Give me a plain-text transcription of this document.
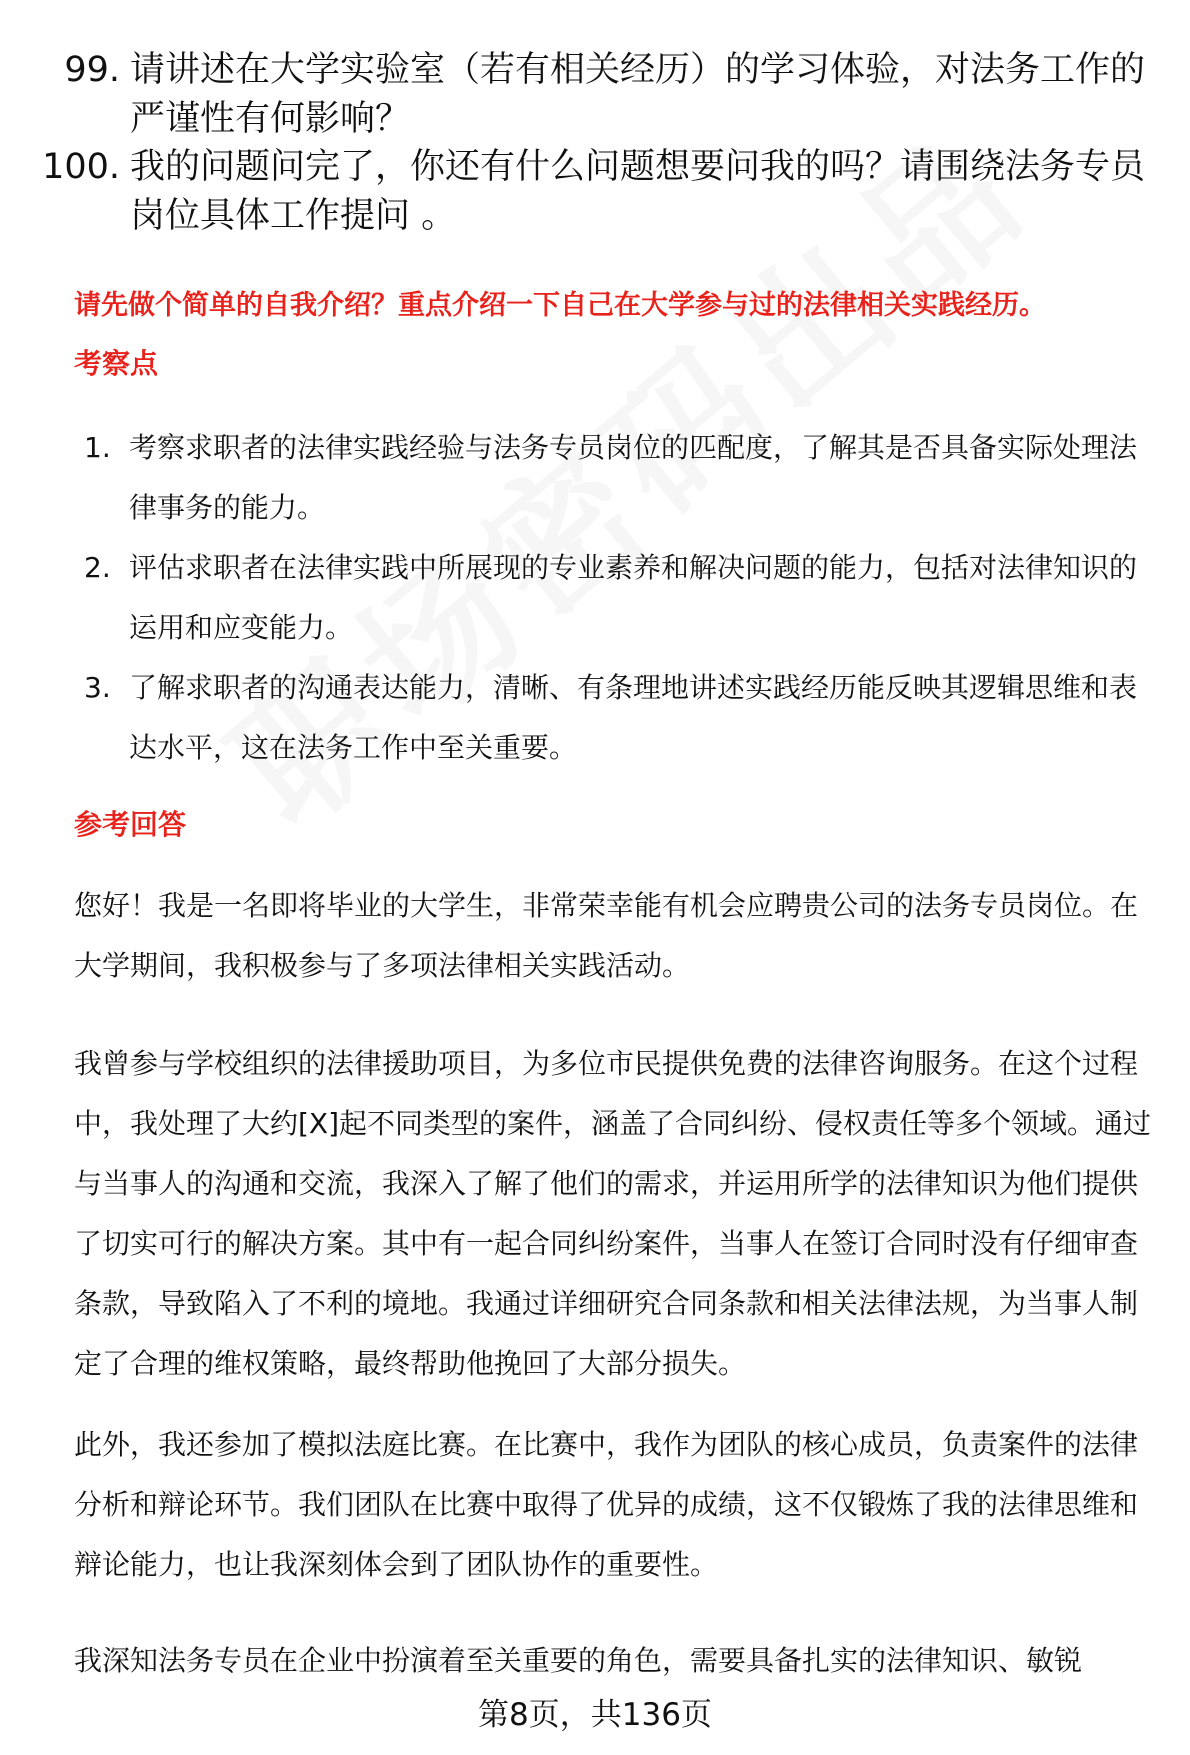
99. 请讲述在大学实验室（若有相关经历）的学习体验，对法务工作的严谨性有何影响？
100. 我的问题问完了，你还有什么问题想要问我的吗？请围绕法务专员岗位具体工作提问 。
请先做个简单的自我介绍？重点介绍一下自己在大学参与过的法律相关实践经历。
考察点
1. 考察求职者的法律实践经验与法务专员岗位的匹配度，了解其是否具备实际处理法律事务的能力。
2. 评估求职者在法律实践中所展现的专业素养和解决问题的能力，包括对法律知识的运用和应变能力。
3. 了解求职者的沟通表达能力，清晰、有条理地讲述实践经历能反映其逻辑思维和表达水平，这在法务工作中至关重要。
参考回答
您好！我是一名即将毕业的大学生，非常荣幸能有机会应聘贵公司的法务专员岗位。在大学期间，我积极参与了多项法律相关实践活动。
我曾参与学校组织的法律援助项目，为多位市民提供免费的法律咨询服务。在这个过程中，我处理了大约[X]起不同类型的案件，涵盖了合同纠纷、侵权责任等多个领域。通过与当事人的沟通和交流，我深入了解了他们的需求，并运用所学的法律知识为他们提供了切实可行的解决方案。其中有一起合同纠纷案件，当事人在签订合同时没有仔细审查条款，导致陷入了不利的境地。我通过详细研究合同条款和相关法律法规，为当事人制定了合理的维权策略，最终帮助他挽回了大部分损失。
此外，我还参加了模拟法庭比赛。在比赛中，我作为团队的核心成员，负责案件的法律分析和辩论环节。我们团队在比赛中取得了优异的成绩，这不仅锻炼了我的法律思维和辩论能力，也让我深刻体会到了团队协作的重要性。
我深知法务专员在企业中扮演着至关重要的角色，需要具备扎实的法律知识、敏锐
第8页，共136页
